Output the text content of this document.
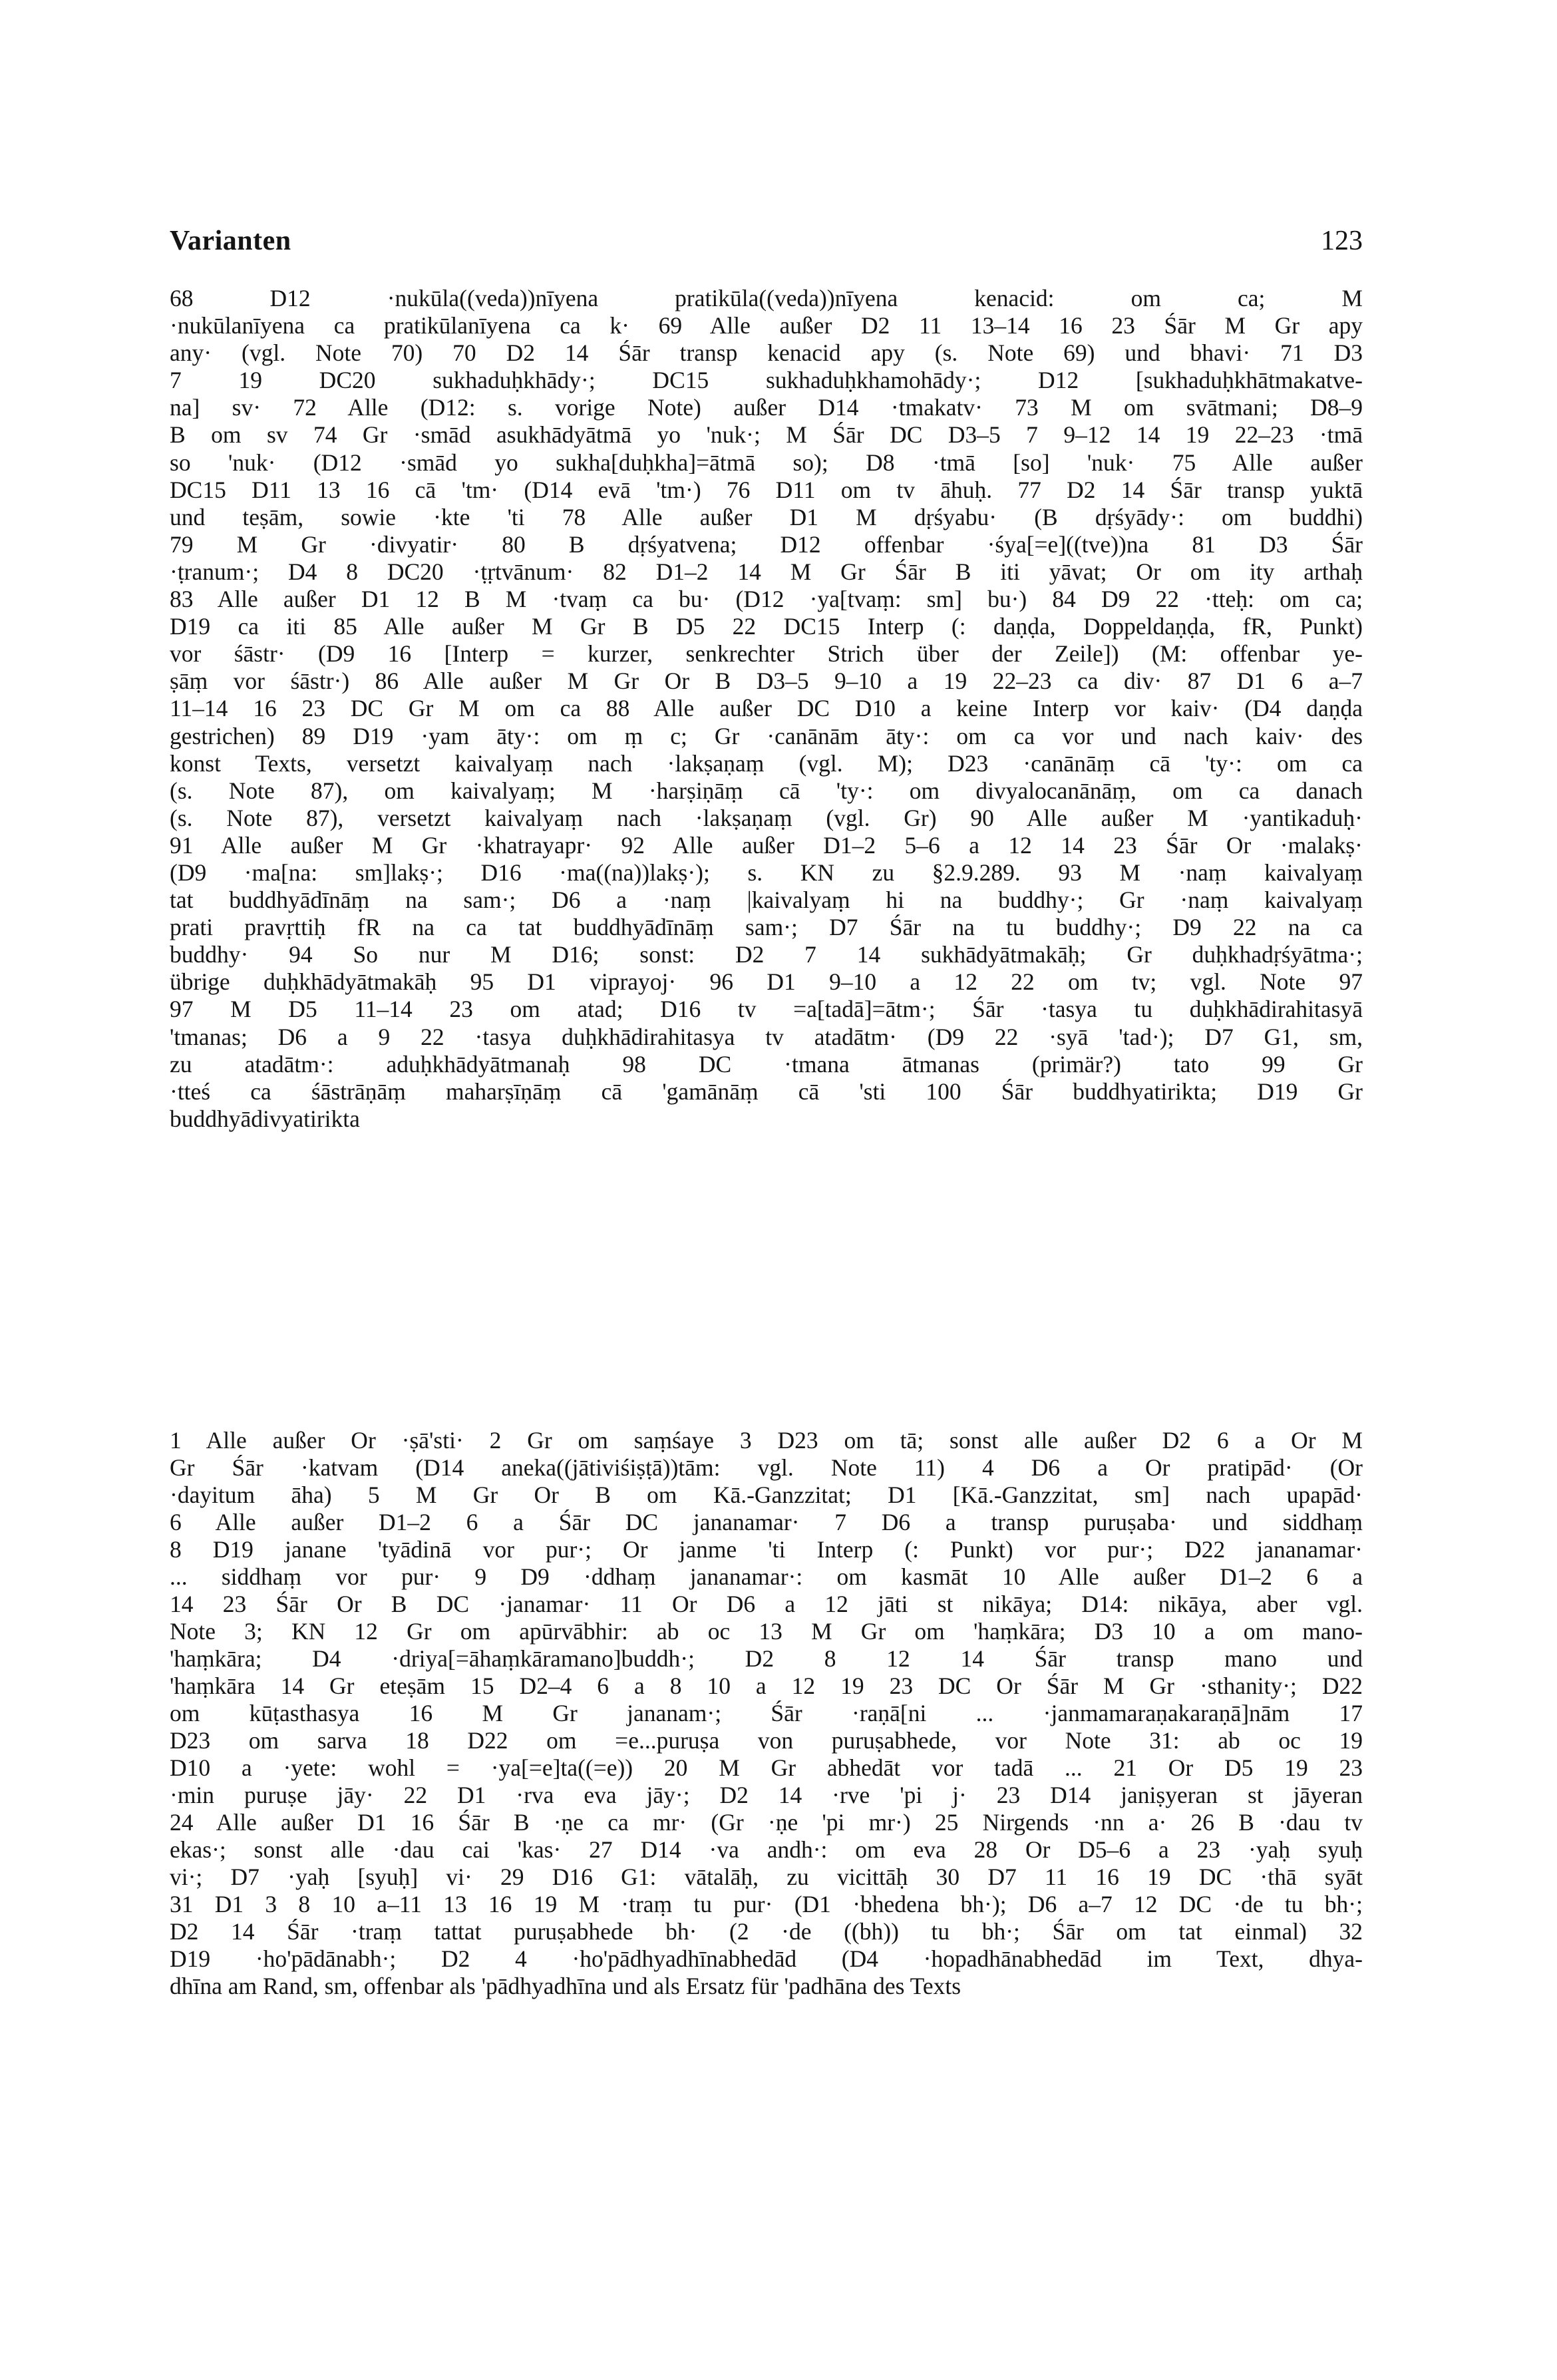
Varianten	123
68 D12 ·nukūla((veda))nīyena pratikūla((veda))nīyena kenacid: om ca; M
·nukūlanīyena ca pratikūlanīyena ca k· 69 Alle außer D2 11 13–14 16 23 Śār M Gr apy
any· (vgl. Note 70) 70 D2 14 Śār transp kenacid apy (s. Note 69) und bhavi· 71 D3
7 19 DC20 sukhaduḥkhādy·; DC15 sukhaduḥkhamohādy·; D12 [sukhaduḥkhātmakatve-
na] sv· 72 Alle (D12: s. vorige Note) außer D14 ·tmakatv· 73 M om svātmani; D8–9
B om sv 74 Gr ·smād asukhādyātmā yo 'nuk·; M Śār DC D3–5 7 9–12 14 19 22–23 ·tmā
so 'nuk· (D12 ·smād yo sukha[duḥkha]=ātmā so); D8 ·tmā [so] 'nuk· 75 Alle außer
DC15 D11 13 16 cā 'tm· (D14 evā 'tm·) 76 D11 om tv āhuḥ. 77 D2 14 Śār transp yuktā
und teṣām, sowie ·kte 'ti 78 Alle außer D1 M dṛśyabu· (B dṛśyādy·: om buddhi)
79 M Gr ·divyatir· 80 B dṛśyatvena; D12 offenbar ·śya[=e]((tve))na 81 D3 Śār
·ṭranum·; D4 8 DC20 ·ṭṛtvānum· 82 D1–2 14 M Gr Śār B iti yāvat; Or om ity arthaḥ
83 Alle außer D1 12 B M ·tvaṃ ca bu· (D12 ·ya[tvaṃ: sm] bu·) 84 D9 22 ·tteḥ: om ca;
D19 ca iti 85 Alle außer M Gr B D5 22 DC15 Interp (: daṇḍa, Doppeldaṇḍa, fR, Punkt)
vor śāstr· (D9 16 [Interp = kurzer, senkrechter Strich über der Zeile]) (M: offenbar ye-
ṣāṃ vor śāstr·) 86 Alle außer M Gr Or B D3–5 9–10 a 19 22–23 ca div· 87 D1 6 a–7
11–14 16 23 DC Gr M om ca 88 Alle außer DC D10 a keine Interp vor kaiv· (D4 daṇḍa
gestrichen) 89 D19 ·yam āty·: om ṃ c; Gr ·canānām āty·: om ca vor und nach kaiv· des
konst Texts, versetzt kaivalyaṃ nach ·lakṣaṇaṃ (vgl. M); D23 ·canānāṃ cā 'ty·: om ca
(s. Note 87), om kaivalyaṃ; M ·harṣiṇāṃ cā 'ty·: om divyalocanānāṃ, om ca danach
(s. Note 87), versetzt kaivalyaṃ nach ·lakṣaṇaṃ (vgl. Gr) 90 Alle außer M ·yantikaduḥ·
91 Alle außer M Gr ·khatrayapr· 92 Alle außer D1–2 5–6 a 12 14 23 Śār Or ·malakṣ·
(D9 ·ma[na: sm]lakṣ·; D16 ·ma((na))lakṣ·); s. KN zu §2.9.289. 93 M ·naṃ kaivalyaṃ
tat buddhyādīnāṃ na sam·; D6 a ·naṃ |kaivalyaṃ hi na buddhy·; Gr ·naṃ kaivalyaṃ
prati pravṛttiḥ fR na ca tat buddhyādīnāṃ sam·; D7 Śār na tu buddhy·; D9 22 na ca
buddhy· 94 So nur M D16; sonst: D2 7 14 sukhādyātmakāḥ; Gr duḥkhadṛśyātma·;
übrige duḥkhādyātmakāḥ 95 D1 viprayoj· 96 D1 9–10 a 12 22 om tv; vgl. Note 97
97 M D5 11–14 23 om atad; D16 tv =a[tadā]=ātm·; Śār ·tasya tu duḥkhādirahitasyā
'tmanas; D6 a 9 22 ·tasya duḥkhādirahitasya tv atadātm· (D9 22 ·syā 'tad·); D7 G1, sm,
zu atadātm·: aduḥkhādyātmanaḥ 98 DC ·tmana ātmanas (primär?) tato 99 Gr
·tteś ca śāstrāṇāṃ maharṣīṇāṃ cā 'gamānāṃ cā 'sti 100 Śār buddhyatirikta; D19 Gr
buddhyādivyatirikta
1 Alle außer Or ·ṣā'sti· 2 Gr om saṃśaye 3 D23 om tā; sonst alle außer D2 6 a Or M
Gr Śār ·katvam (D14 aneka((jātiviśiṣṭā))tām: vgl. Note 11) 4 D6 a Or pratipād· (Or
·dayitum āha) 5 M Gr Or B om Kā.-Ganzzitat; D1 [Kā.-Ganzzitat, sm] nach upapād·
6 Alle außer D1–2 6 a Śār DC jananamar· 7 D6 a transp puruṣaba· und siddhaṃ
8 D19 janane 'tyādinā vor pur·; Or janme 'ti Interp (: Punkt) vor pur·; D22 jananamar·
... siddhaṃ vor pur· 9 D9 ·ddhaṃ jananamar·: om kasmāt 10 Alle außer D1–2 6 a
14 23 Śār Or B DC ·janamar· 11 Or D6 a 12 jāti st nikāya; D14: nikāya, aber vgl.
Note 3; KN 12 Gr om apūrvābhir: ab oc 13 M Gr om 'haṃkāra; D3 10 a om mano-
'haṃkāra; D4 ·driya[=āhaṃkāramano]buddh·; D2 8 12 14 Śār transp mano und
'haṃkāra 14 Gr eteṣām 15 D2–4 6 a 8 10 a 12 19 23 DC Or Śār M Gr ·sthanity·; D22
om kūṭasthasya 16 M Gr jananam·; Śār ·raṇā[ni ... ·janmamaraṇakaraṇā]nām 17
D23 om sarva 18 D22 om =e...puruṣa von puruṣabhede, vor Note 31: ab oc 19
D10 a ·yete: wohl = ·ya[=e]ta((=e)) 20 M Gr abhedāt vor tadā ... 21 Or D5 19 23
·min puruṣe jāy· 22 D1 ·rva eva jāy·; D2 14 ·rve 'pi j· 23 D14 janiṣyeran st jāyeran
24 Alle außer D1 16 Śār B ·ṇe ca mr· (Gr ·ṇe 'pi mr·) 25 Nirgends ·nn a· 26 B ·dau tv
ekas·; sonst alle ·dau cai 'kas· 27 D14 ·va andh·: om eva 28 Or D5–6 a 23 ·yaḥ syuḥ
vi·; D7 ·yaḥ [syuḥ] vi· 29 D16 G1: vātalāḥ, zu vicittāḥ 30 D7 11 16 19 DC ·thā syāt
31 D1 3 8 10 a–11 13 16 19 M ·traṃ tu pur· (D1 ·bhedena bh·); D6 a–7 12 DC ·de tu bh·;
D2 14 Śār ·traṃ tattat puruṣabhede bh· (2 ·de ((bh)) tu bh·; Śār om tat einmal) 32
D19 ·ho'pādānabh·; D2 4 ·ho'pādhyadhīnabhedād (D4 ·hopadhānabhedād im Text, dhya-
dhīna am Rand, sm, offenbar als 'pādhyadhīna und als Ersatz für 'padhāna des Texts
